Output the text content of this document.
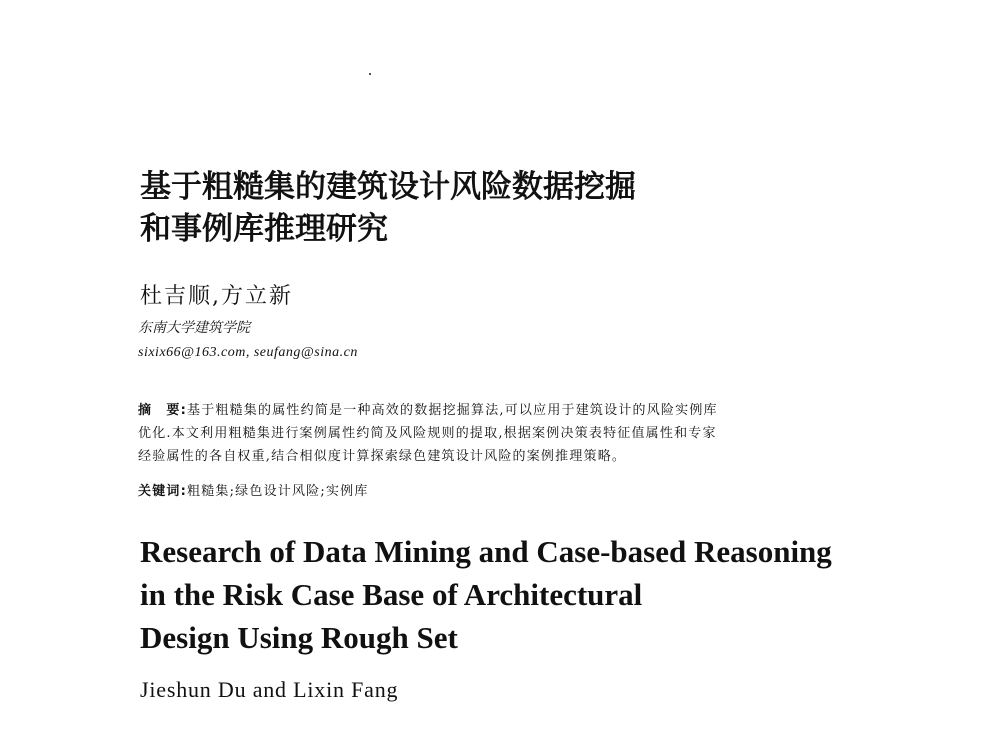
基于粗糙集的建筑设计风险数据挖掘
和事例库推理研究

杜吉顺,方立新

东南大学建筑学院

sixix66@163.com, seufang@sina.cn

摘　要:基于粗糙集的属性约简是一种高效的数据挖掘算法,可以应用于建筑设计的风险实例库
优化.本文利用粗糙集进行案例属性约简及风险规则的提取,根据案例决策表特征值属性和专家
经验属性的各自权重,结合相似度计算探索绿色建筑设计风险的案例推理策略。

关键词:粗糙集;绿色设计风险;实例库

Research of Data Mining and Case-based Reasoning
in the Risk Case Base of Architectural
Design Using Rough Set

Jieshun Du and Lixin Fang
